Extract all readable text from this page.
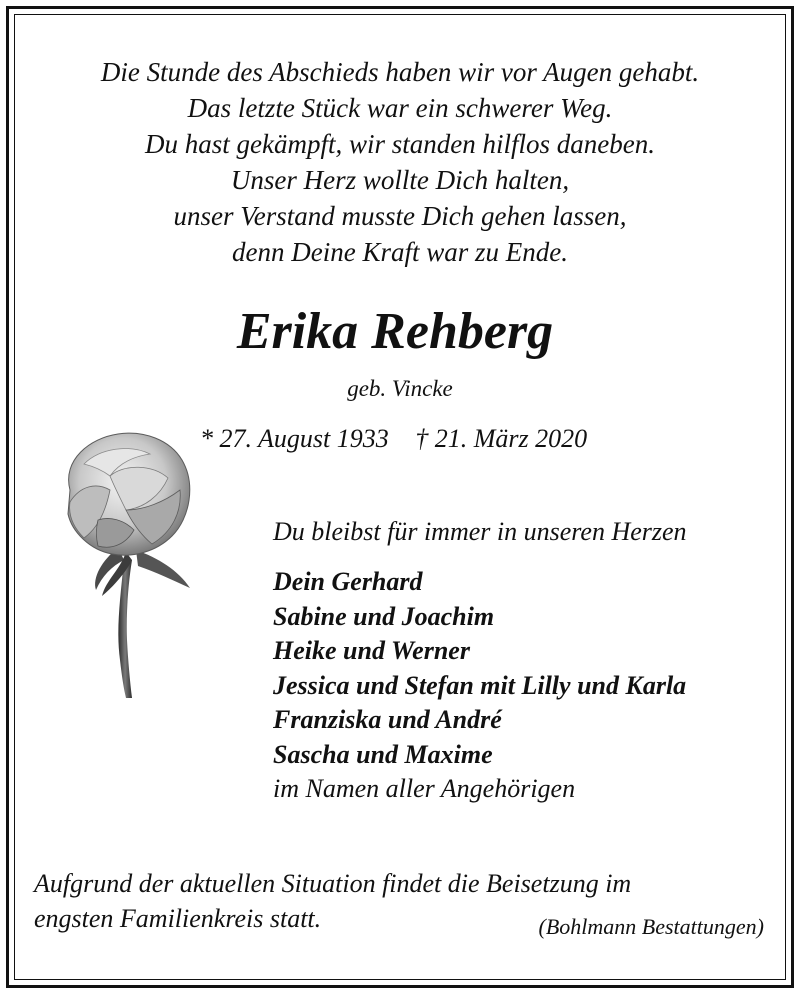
Die Stunde des Abschieds haben wir vor Augen gehabt.
Das letzte Stück war ein schwerer Weg.
Du hast gekämpft, wir standen hilflos daneben.
Unser Herz wollte Dich halten,
unser Verstand musste Dich gehen lassen,
denn Deine Kraft war zu Ende.
Erika Rehberg
geb. Vincke
* 27. August 1933 † 21. März 2020
Du bleibst für immer in unseren Herzen
Dein Gerhard
Sabine und Joachim
Heike und Werner
Jessica und Stefan mit Lilly und Karla
Franziska und André
Sascha und Maxime
im Namen aller Angehörigen
Aufgrund der aktuellen Situation findet die Beisetzung im
engsten Familienkreis statt.	(Bohlmann Bestattungen)
